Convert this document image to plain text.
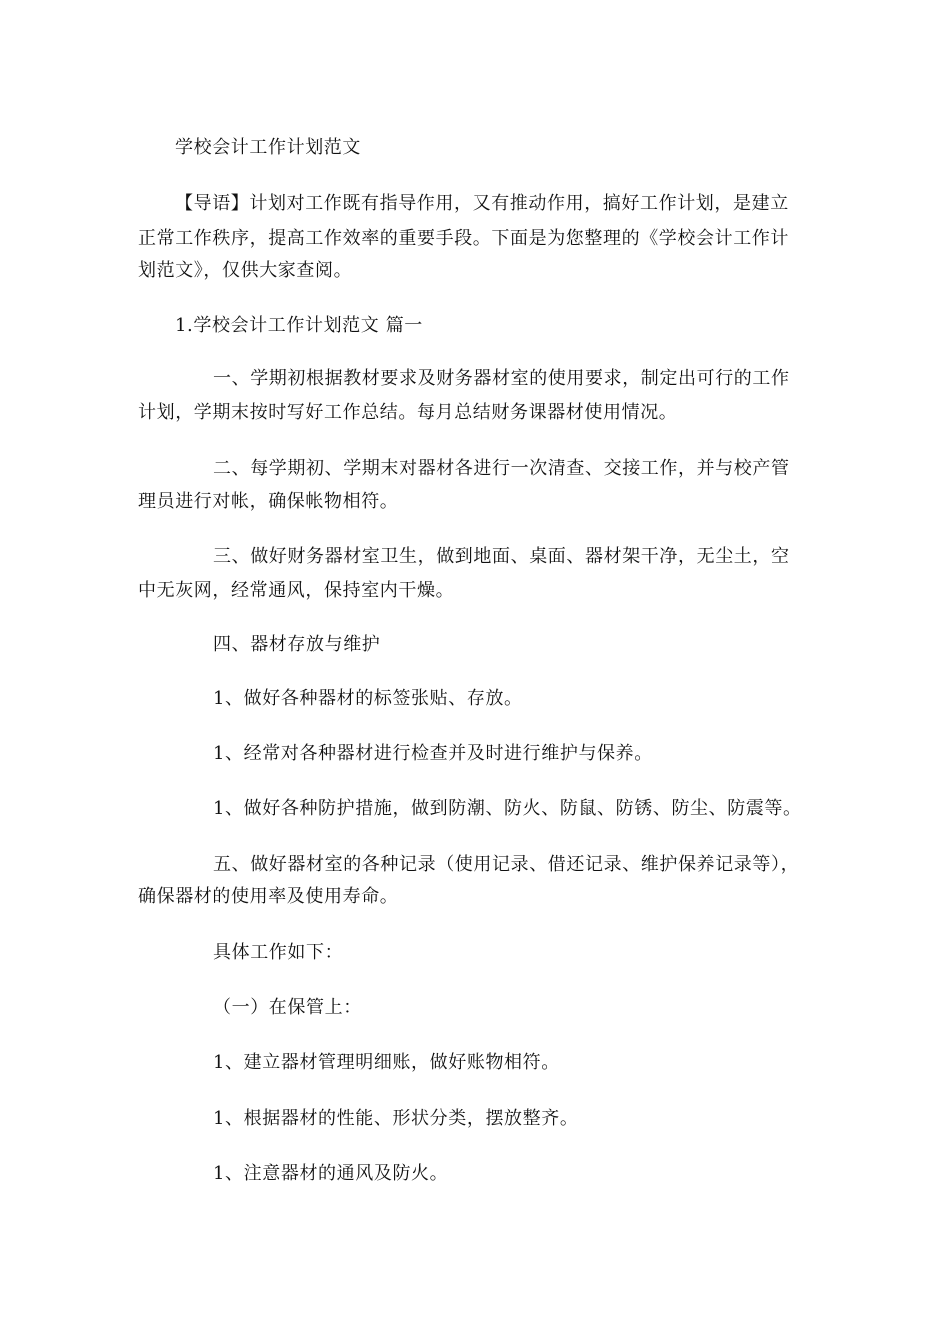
学校会计工作计划范文
【导语】计划对工作既有指导作用，又有推动作用，搞好工作计划，是建立
正常工作秩序，提高工作效率的重要手段。下面是为您整理的《学校会计工作计
划范文》，仅供大家查阅。
1.学校会计工作计划范文 篇一
一、学期初根据教材要求及财务器材室的使用要求，制定出可行的工作
计划，学期末按时写好工作总结。每月总结财务课器材使用情况。
二、每学期初、学期末对器材各进行一次清查、交接工作，并与校产管
理员进行对帐，确保帐物相符。
三、做好财务器材室卫生，做到地面、桌面、器材架干净，无尘土，空
中无灰网，经常通风，保持室内干燥。
四、器材存放与维护
1、做好各种器材的标签张贴、存放。
1、经常对各种器材进行检查并及时进行维护与保养。
1、做好各种防护措施，做到防潮、防火、防鼠、防锈、防尘、防震等。
五、做好器材室的各种记录（使用记录、借还记录、维护保养记录等），
确保器材的使用率及使用寿命。
具体工作如下：
（一）在保管上：
1、建立器材管理明细账，做好账物相符。
1、根据器材的性能、形状分类，摆放整齐。
1、注意器材的通风及防火。
